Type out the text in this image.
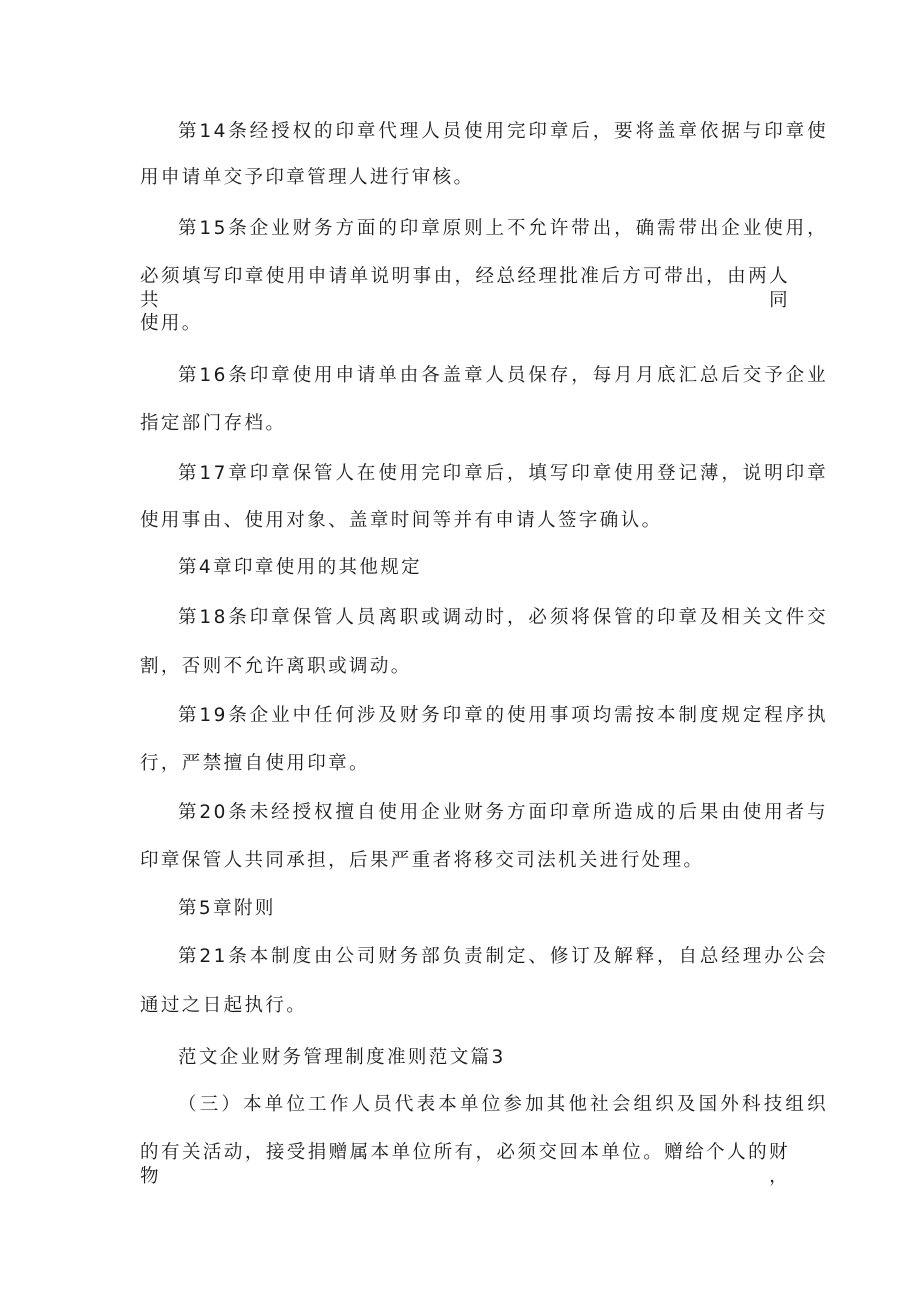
第14条经授权的印章代理人员使用完印章后，要将盖章依据与印章使

用申请单交予印章管理人进行审核。

第15条企业财务方面的印章原则上不允许带出，确需带出企业使用，

必须填写印章使用申请单说明事由，经总经理批准后方可带出，由两人共同

使用。

第16条印章使用申请单由各盖章人员保存，每月月底汇总后交予企业

指定部门存档。

第17章印章保管人在使用完印章后，填写印章使用登记薄，说明印章

使用事由、使用对象、盖章时间等并有申请人签字确认。

第4章印章使用的其他规定

第18条印章保管人员离职或调动时，必须将保管的印章及相关文件交

割，否则不允许离职或调动。

第19条企业中任何涉及财务印章的使用事项均需按本制度规定程序执

行，严禁擅自使用印章。

第20条未经授权擅自使用企业财务方面印章所造成的后果由使用者与

印章保管人共同承担，后果严重者将移交司法机关进行处理。

第5章附则

第21条本制度由公司财务部负责制定、修订及解释，自总经理办公会

通过之日起执行。

范文企业财务管理制度准则范文篇3

（三）本单位工作人员代表本单位参加其他社会组织及国外科技组织

的有关活动，接受捐赠属本单位所有，必须交回本单位。赠给个人的财物，
